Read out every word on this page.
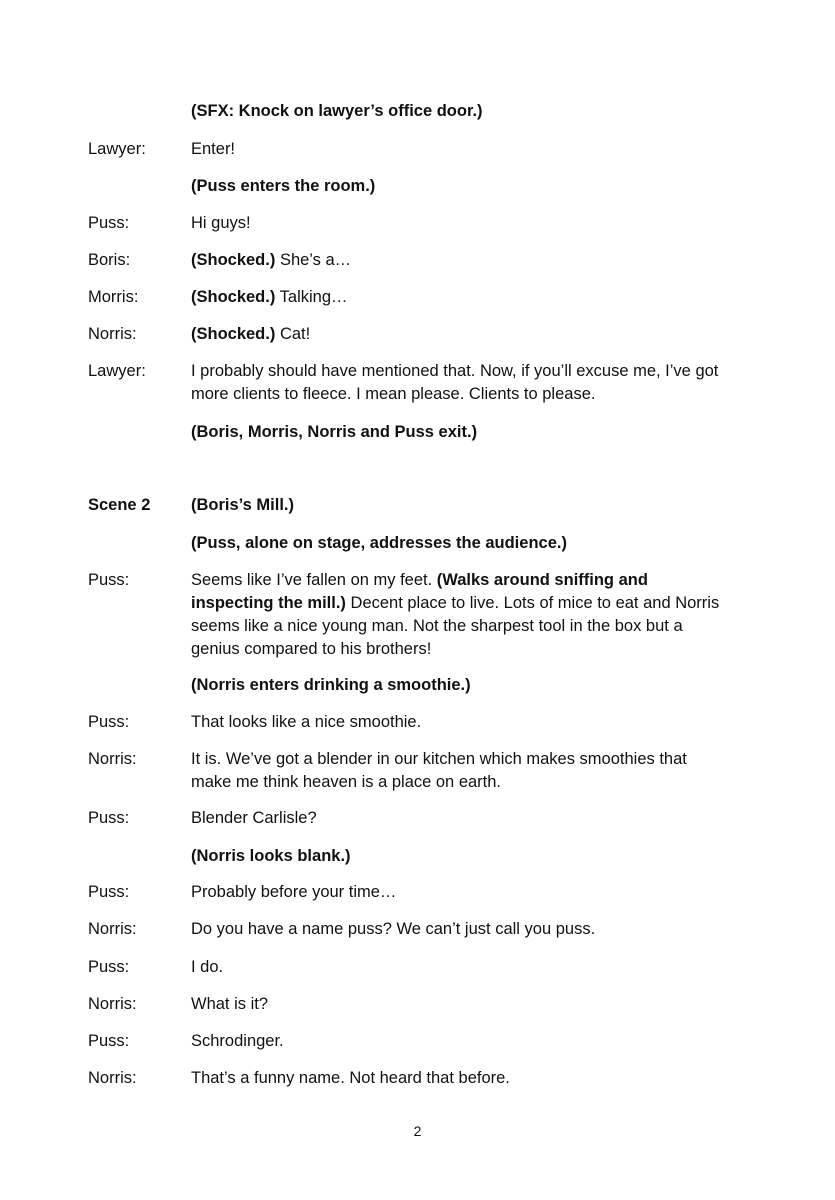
(SFX: Knock on lawyer’s office door.)
Lawyer:	Enter!
(Puss enters the room.)
Puss:	Hi guys!
Boris:	(Shocked.) She’s a…
Morris:	(Shocked.) Talking…
Norris:	(Shocked.) Cat!
Lawyer:	I probably should have mentioned that. Now, if you’ll excuse me, I’ve got more clients to fleece. I mean please. Clients to please.
(Boris, Morris, Norris and Puss exit.)
Scene 2	(Boris’s Mill.)
(Puss, alone on stage, addresses the audience.)
Puss:	Seems like I’ve fallen on my feet. (Walks around sniffing and inspecting the mill.) Decent place to live. Lots of mice to eat and Norris seems like a nice young man. Not the sharpest tool in the box but a genius compared to his brothers!
(Norris enters drinking a smoothie.)
Puss:	That looks like a nice smoothie.
Norris:	It is. We’ve got a blender in our kitchen which makes smoothies that make me think heaven is a place on earth.
Puss:	Blender Carlisle?
(Norris looks blank.)
Puss:	Probably before your time…
Norris:	Do you have a name puss? We can’t just call you puss.
Puss:	I do.
Norris:	What is it?
Puss:	Schrodinger.
Norris:	That’s a funny name. Not heard that before.
2
